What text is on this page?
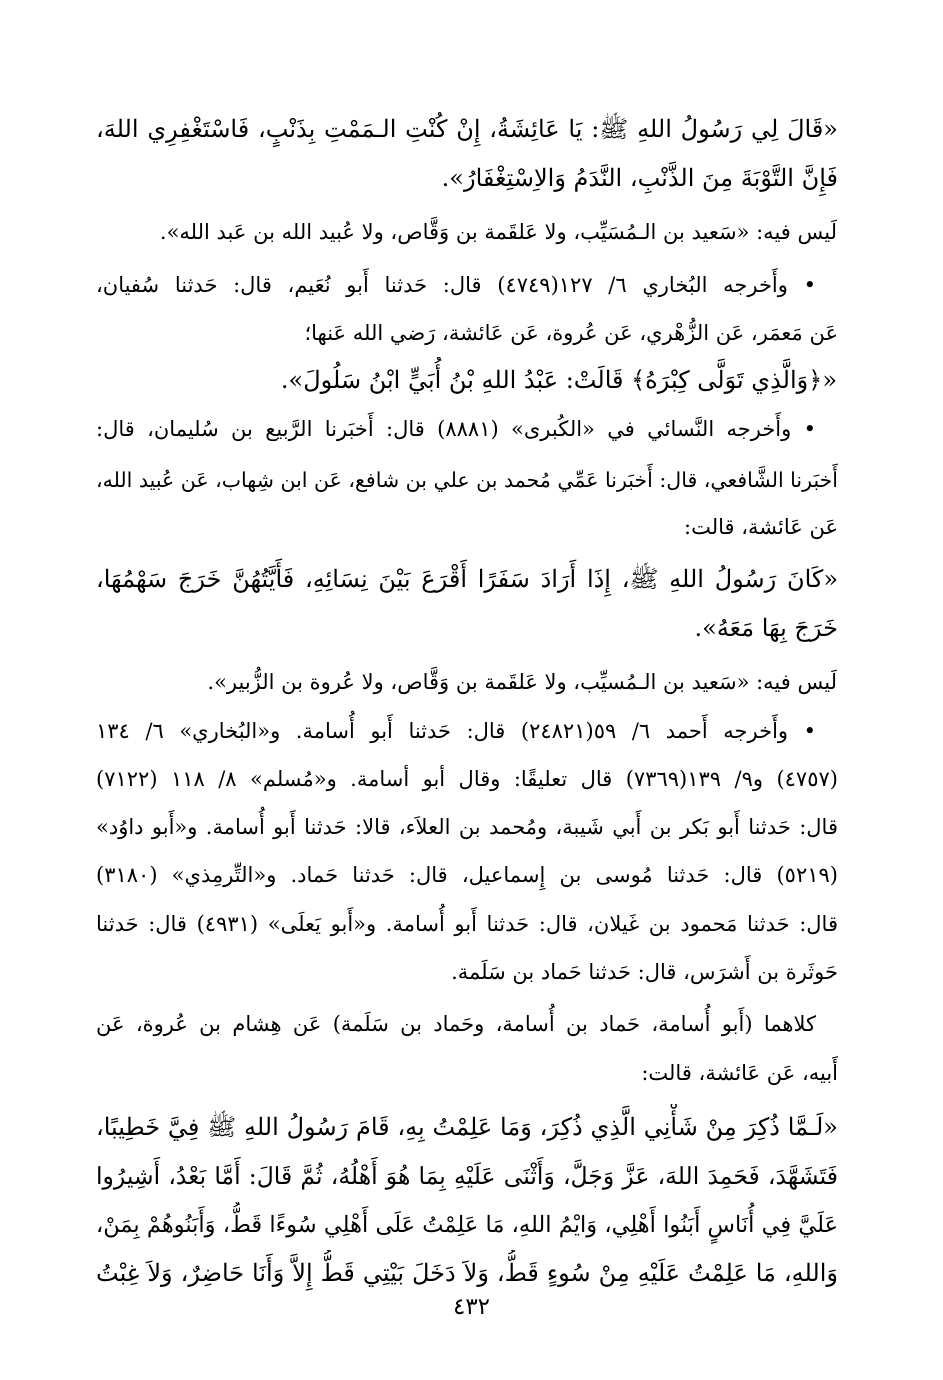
«قَالَ لِي رَسُولُ اللهِ ﷺ: يَا عَائِشَةُ، إِنْ كُنْتِ الـمَمْتِ بِذَنْبٍ، فَاسْتَغْفِرِي اللهَ،
فَإِنَّ التَّوْبَةَ مِنَ الذَّنْبِ، النَّدَمُ وَالاِسْتِغْفَارُ».
لَيس فيه: «سَعيد بن الـمُسَيِّب، ولا عَلقَمة بن وَقَّاص، ولا عُبيد الله بن عَبد الله».
• وأَخرجه البُخاري ٦/ ١٢٧(٤٧٤٩) قال: حَدثنا أَبو نُعَيم، قال: حَدثنا سُفيان،
عَن مَعمَر، عَن الزُّهْري، عَن عُروة، عَن عَائشة، رَضي الله عَنها؛
«﴿وَالَّذِي تَوَلَّى كِبْرَهُ﴾ قَالَتْ: عَبْدُ اللهِ بْنُ أُبَيٍّ ابْنُ سَلُولَ».
• وأَخرجه النَّسائي في «الكُبرى» (٨٨٨١) قال: أَخبَرنا الرَّبيع بن سُليمان، قال:
أَخبَرنا الشَّافعي، قال: أَخبَرنا عَمِّي مُحمد بن علي بن شافع، عَن ابن شِهاب، عَن عُبيد الله،
عَن عَائشة، قالت:
«كَانَ رَسُولُ اللهِ ﷺ، إِذَا أَرَادَ سَفَرًا أَقْرَعَ بَيْنَ نِسَائِهِ، فَأَيَّتُهُنَّ خَرَجَ سَهْمُهَا،
خَرَجَ بِهَا مَعَهُ».
لَيس فيه: «سَعيد بن الـمُسيِّب، ولا عَلقَمة بن وَقَّاص، ولا عُروة بن الزُّبير».
• وأَخرجه أَحمد ٦/ ٥٩(٢٤٨٢١) قال: حَدثنا أَبو أُسامة. و«البُخاري» ٦/ ١٣٤
(٤٧٥٧) و٩/ ١٣٩(٧٣٦٩) قال تعليقًا: وقال أبو أسامة. و«مُسلم» ٨/ ١١٨ (٧١٢٢)
قال: حَدثنا أَبو بَكر بن أَبي شَيبة، ومُحمد بن العلاَء، قالا: حَدثنا أَبو أُسامة. و«أَبو داوُد»
(٥٢١٩) قال: حَدثنا مُوسى بن إِسماعيل، قال: حَدثنا حَماد. و«التِّرمِذي» (٣١٨٠)
قال: حَدثنا مَحمود بن غَيلان، قال: حَدثنا أَبو أُسامة. و«أَبو يَعلَى» (٤٩٣١) قال: حَدثنا
حَوثَرة بن أَشرَس، قال: حَدثنا حَماد بن سَلَمة.
كلاهما (أَبو أُسامة، حَماد بن أُسامة، وحَماد بن سَلَمة) عَن هِشام بن عُروة، عَن
أَبيه، عَن عَائشة، قالت:
«لَـمَّا ذُكِرَ مِنْ شَأْنِي الَّذِي ذُكِرَ، وَمَا عَلِمْتُ بِهِ، قَامَ رَسُولُ اللهِ ﷺ فِيَّ خَطِيبًا،
فَتَشَهَّدَ، فَحَمِدَ اللهَ، عَزَّ وَجَلَّ، وَأَثْنَى عَلَيْهِ بِمَا هُوَ أَهْلُهُ، ثُمَّ قَالَ: أَمَّا بَعْدُ، أَشِيرُوا
عَلَيَّ فِي أُنَاسٍ أَبَنُوا أَهْلِي، وَايْمُ اللهِ، مَا عَلِمْتُ عَلَى أَهْلِي سُوءًا قَطُّ، وَأَبَنُوهُمْ بِمَنْ،
وَاللهِ، مَا عَلِمْتُ عَلَيْهِ مِنْ سُوءٍ قَطُّ، وَلاَ دَخَلَ بَيْتِي قَطُّ إِلاَّ وَأَنَا حَاضِرٌ، وَلاَ غِبْتُ
٤٣٢
